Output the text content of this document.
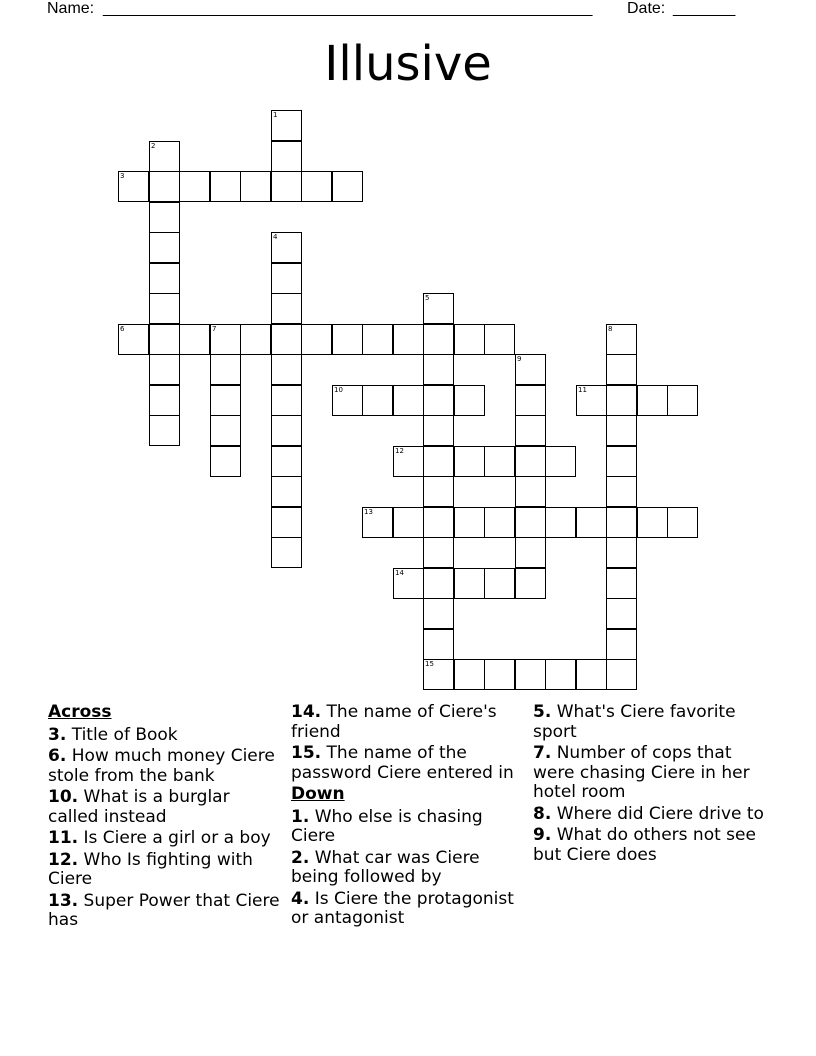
Name: _______________________________________________________ Date: _______
Illusive
1
2
3
4
5
15
6	7	8
9
10	11
12
13
14
Across
3. Title of Book
6. How much money Ciere stole from the bank
10. What is a burglar called instead
11. Is Ciere a girl or a boy
12. Who Is fighting with Ciere
13. Super Power that Ciere has
14. The name of Ciere's friend
15. The name of the password Ciere entered in
Down
1. Who else is chasing Ciere
2. What car was Ciere being followed by
4. Is Ciere the protagonist or antagonist
5. What's Ciere favorite sport
7. Number of cops that were chasing Ciere in her hotel room
8. Where did Ciere drive to
9. What do others not see but Ciere does
